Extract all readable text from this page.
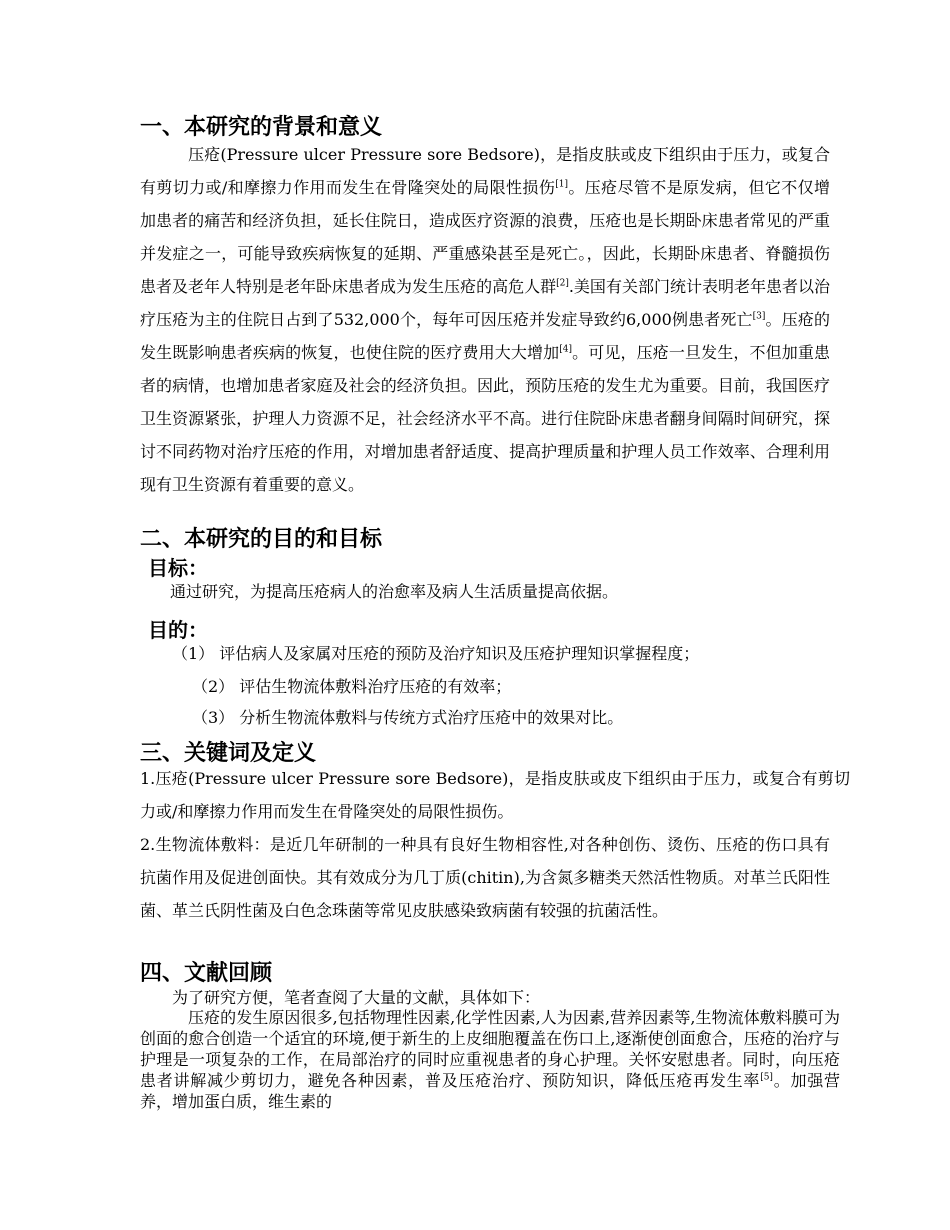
一、本研究的背景和意义

压疮(Pressure ulcer Pressure sore Bedsore)，是指皮肤或皮下组织由于压力，或复合有剪切力或/和摩擦力作用而发生在骨隆突处的局限性损伤[1]。压疮尽管不是原发病，但它不仅增加患者的痛苦和经济负担，延长住院日，造成医疗资源的浪费，压疮也是长期卧床患者常见的严重并发症之一，可能导致疾病恢复的延期、严重感染甚至是死亡。，因此，长期卧床患者、脊髓损伤患者及老年人特别是老年卧床患者成为发生压疮的高危人群[2].美国有关部门统计表明老年患者以治疗压疮为主的住院日占到了532,000个，每年可因压疮并发症导致约6,000例患者死亡[3]。压疮的发生既影响患者疾病的恢复，也使住院的医疗费用大大增加[4]。可见，压疮一旦发生，不但加重患者的病情，也增加患者家庭及社会的经济负担。因此，预防压疮的发生尤为重要。目前，我国医疗卫生资源紧张，护理人力资源不足，社会经济水平不高。进行住院卧床患者翻身间隔时间研究，探讨不同药物对治疗压疮的作用，对增加患者舒适度、提高护理质量和护理人员工作效率、合理利用现有卫生资源有着重要的意义。

二、本研究的目的和目标
目标：
通过研究，为提高压疮病人的治愈率及病人生活质量提高依据。
目的：
（1） 评估病人及家属对压疮的预防及治疗知识及压疮护理知识掌握程度；
（2） 评估生物流体敷料治疗压疮的有效率；
（3） 分析生物流体敷料与传统方式治疗压疮中的效果对比。
三、关键词及定义

1.压疮(Pressure ulcer Pressure sore Bedsore)，是指皮肤或皮下组织由于压力，或复合有剪切力或/和摩擦力作用而发生在骨隆突处的局限性损伤。

2.生物流体敷料：是近几年研制的一种具有良好生物相容性,对各种创伤、烫伤、压疮的伤口具有抗菌作用及促进创面快。其有效成分为几丁质(chitin),为含氮多糖类天然活性物质。对革兰氏阳性菌、革兰氏阴性菌及白色念珠菌等常见皮肤感染致病菌有较强的抗菌活性。

四、文献回顾
为了研究方便，笔者查阅了大量的文献，具体如下：

压疮的发生原因很多,包括物理性因素,化学性因素,人为因素,营养因素等,生物流体敷料膜可为创面的愈合创造一个适宜的环境,便于新生的上皮细胞覆盖在伤口上,逐渐使创面愈合，压疮的治疗与护理是一项复杂的工作，在局部治疗的同时应重视患者的身心护理。关怀安慰患者。同时，向压疮患者讲解减少剪切力，避免各种因素，普及压疮治疗、预防知识，降低压疮再发生率[5]。加强营养，增加蛋白质，维生素的
